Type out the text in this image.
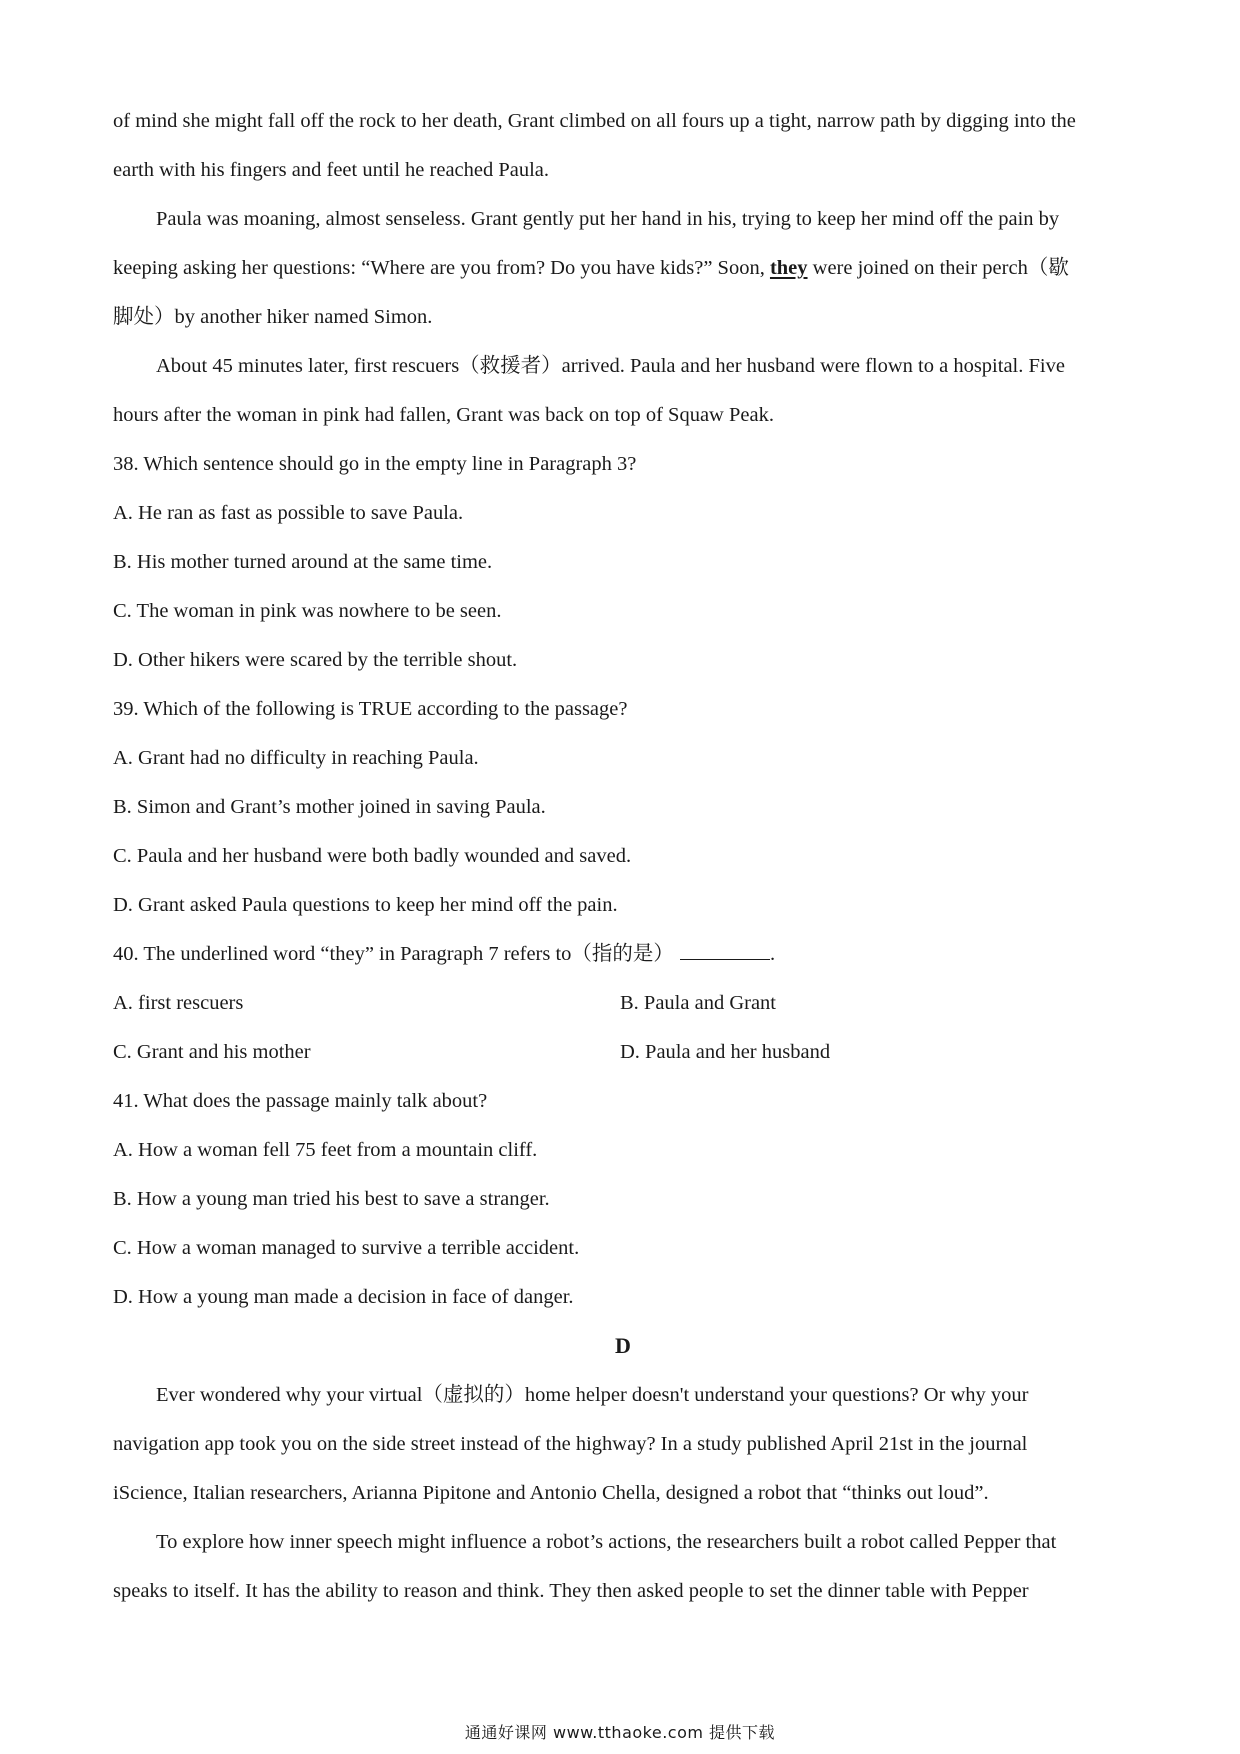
of mind she might fall off the rock to her death, Grant climbed on all fours up a tight, narrow path by digging into the
earth with his fingers and feet until he reached Paula.
Paula was moaning, almost senseless. Grant gently put her hand in his, trying to keep her mind off the pain by
keeping asking her questions: “Where are you from? Do you have kids?” Soon, they were joined on their perch（歇
脚处）by another hiker named Simon.
About 45 minutes later, first rescuers（救援者）arrived. Paula and her husband were flown to a hospital. Five
hours after the woman in pink had fallen, Grant was back on top of Squaw Peak.
38. Which sentence should go in the empty line in Paragraph 3?
A. He ran as fast as possible to save Paula.
B. His mother turned around at the same time.
C. The woman in pink was nowhere to be seen.
D. Other hikers were scared by the terrible shout.
39. Which of the following is TRUE according to the passage?
A. Grant had no difficulty in reaching Paula.
B. Simon and Grant’s mother joined in saving Paula.
C. Paula and her husband were both badly wounded and saved.
D. Grant asked Paula questions to keep her mind off the pain.
40. The underlined word “they” in Paragraph 7 refers to（指的是）	.
A. first rescuers	B. Paula and Grant
C. Grant and his mother	D. Paula and her husband
41. What does the passage mainly talk about?
A. How a woman fell 75 feet from a mountain cliff.
B. How a young man tried his best to save a stranger.
C. How a woman managed to survive a terrible accident.
D. How a young man made a decision in face of danger.
D
Ever wondered why your virtual（虚拟的）home helper doesn't understand your questions? Or why your
navigation app took you on the side street instead of the highway? In a study published April 21st in the journal
iScience, Italian researchers, Arianna Pipitone and Antonio Chella, designed a robot that “thinks out loud”.
To explore how inner speech might influence a robot’s actions, the researchers built a robot called Pepper that
speaks to itself. It has the ability to reason and think. They then asked people to set the dinner table with Pepper
通通好课网 www.tthaoke.com 提供下载
